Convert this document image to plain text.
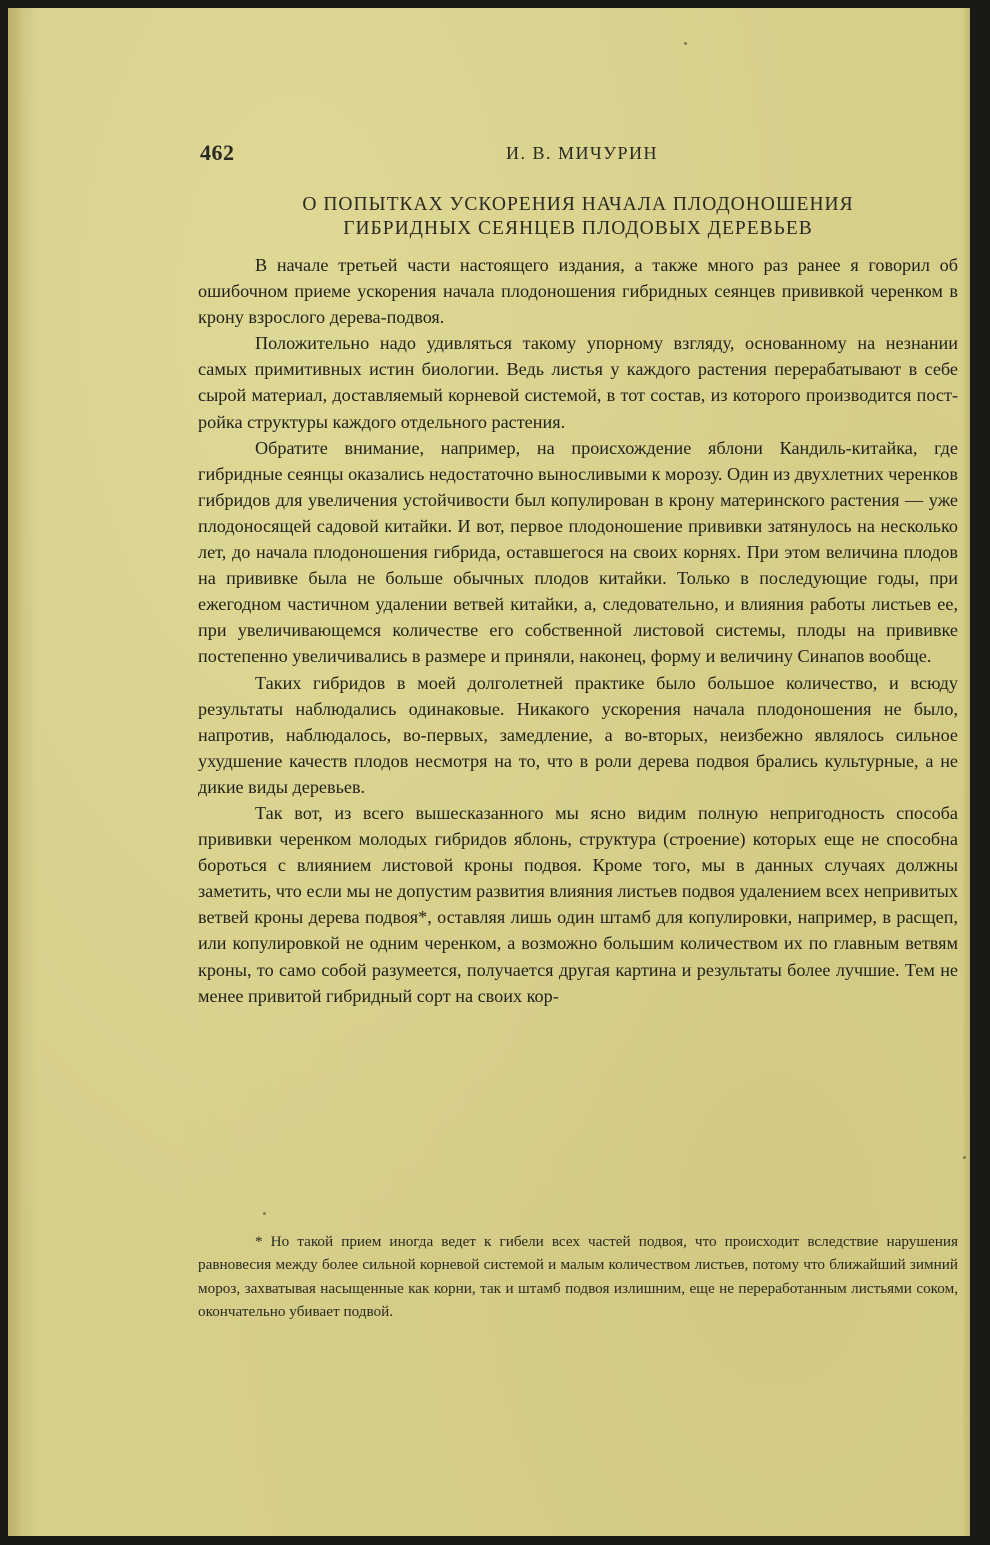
462	И. В. МИЧУРИН
О ПОПЫТКАХ УСКОРЕНИЯ НАЧАЛА ПЛОДОНОШЕНИЯ
ГИБРИДНЫХ СЕЯНЦЕВ ПЛОДОВЫХ ДЕРЕВЬЕВ

В начале третьей части настоящего издания, а также много раз ранее я говорил об ошибочном приеме ускорения начала плодоношения гибридных сеянцев прививкой черенком в крону взрослого дерева-подвоя.

Положительно надо удивляться такому упорному взгляду, основанному на незнании самых примитивных истин биологии. Ведь листья у каждого растения перерабатывают в себе сырой материал, доставляемый корневой системой, в тот состав, из которого производится постройка структуры каждого отдельного растения.

Обратите внимание, например, на происхождение яблони Кандиль-китайка, где гибридные сеянцы оказались недостаточно выносливыми к морозу. Один из двухлетних черенков гибридов для увеличения устойчивости был копулирован в крону материнского растения — уже плодоносящей садовой китайки. И вот, первое плодоношение прививки затянулось на несколько лет, до начала плодоношения гибрида, оставшегося на своих корнях. При этом величина плодов на прививке была не больше обычных плодов китайки. Только в последующие годы, при ежегодном частичном удалении ветвей китайки, а, следовательно, и влияния работы листьев ее, при увеличивающемся количестве его собственной листовой системы, плоды на прививке постепенно увеличивались в размере и приняли, наконец, форму и величину Синапов вообще.

Таких гибридов в моей долголетней практике было большое количество, и всюду результаты наблюдались одинаковые. Никакого ускорения начала плодоношения не было, напротив, наблюдалось, во-первых, замедление, а во-вторых, неизбежно являлось сильное ухудшение качеств плодов несмотря на то, что в роли дерева подвоя брались культурные, а не дикие виды деревьев.

Так вот, из всего вышесказанного мы ясно видим полную непригодность способа прививки черенком молодых гибридов яблонь, структура (строение) которых еще не способна бороться с влиянием листовой кроны подвоя. Кроме того, мы в данных случаях должны заметить, что если мы не допустим развития влияния листьев подвоя удалением всех непривитых ветвей кроны дерева подвоя*, оставляя лишь один штамб для копулировки, например, в расщеп, или копулировкой не одним черенком, а возможно большим количеством их по главным ветвям кроны, то само собой разумеется, получается другая картина и результаты более лучшие. Тем не менее привитой гибридный сорт на своих кор-

* Но такой прием иногда ведет к гибели всех частей подвоя, что происходит вследствие нарушения равновесия между более сильной корневой системой и малым количеством листьев, потому что ближайший зимний мороз, захватывая насыщенные как корни, так и штамб подвоя излишним, еще не переработанным листьями соком, окончательно убивает подвой.
